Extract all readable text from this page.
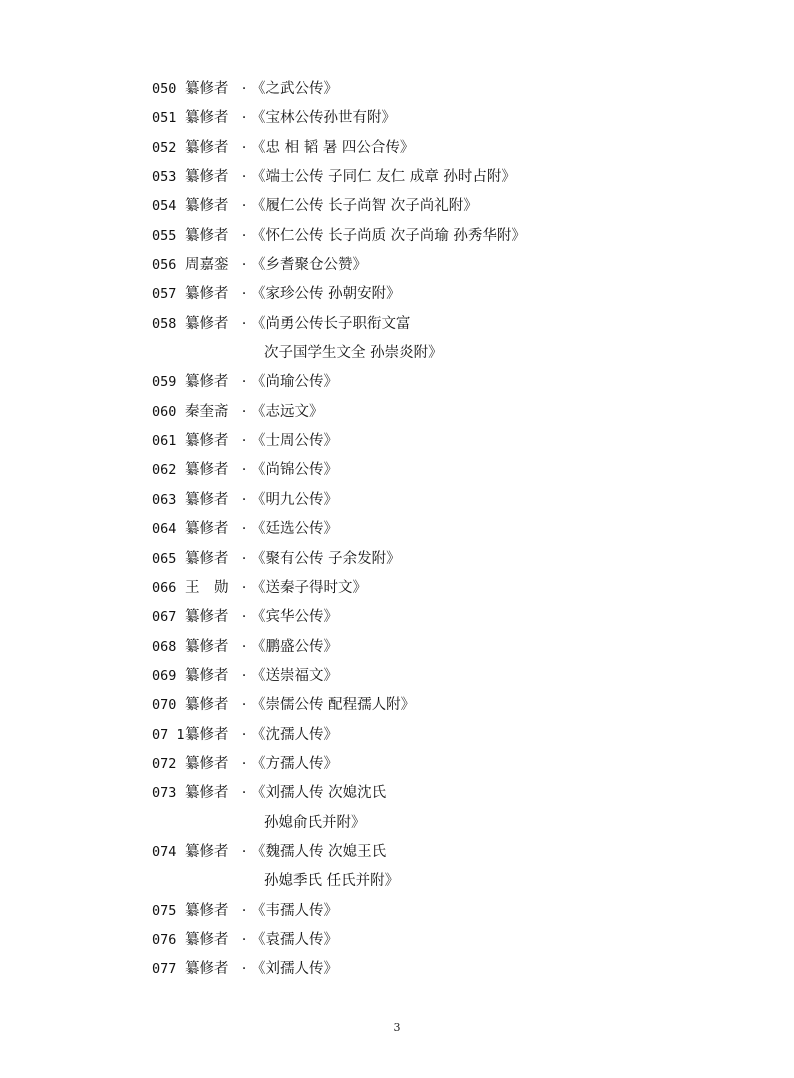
050 纂修者 · 《之武公传》
051 纂修者 · 《宝林公传孙世有附》
052 纂修者 · 《忠 相 韬 暑 四公合传》
053 纂修者 · 《端士公传 子同仁 友仁 成章 孙时占附》
054 纂修者 · 《履仁公传 长子尚智 次子尚礼附》
055 纂修者 · 《怀仁公传 长子尚质 次子尚瑜 孙秀华附》
056 周嘉銮 · 《乡耆聚仓公赞》
057 纂修者 · 《家珍公传 孙朝安附》
058 纂修者 · 《尚勇公传长子职衔文富
次子国学生文全 孙崇炎附》
059 纂修者 · 《尚瑜公传》
060 秦奎斋 · 《志远文》
061 纂修者 · 《士周公传》
062 纂修者 · 《尚锦公传》
063 纂修者 · 《明九公传》
064 纂修者 · 《廷选公传》
065 纂修者 · 《聚有公传 子余发附》
066 王　勋 · 《送秦子得时文》
067 纂修者 · 《宾华公传》
068 纂修者 · 《鹏盛公传》
069 纂修者 · 《送崇福文》
070 纂修者 · 《崇儒公传 配程孺人附》
07 1纂修者 · 《沈孺人传》
072 纂修者 · 《方孺人传》
073 纂修者 · 《刘孺人传 次媳沈氏
孙媳俞氏并附》
074 纂修者 · 《魏孺人传 次媳王氏
孙媳季氏 任氏并附》
075 纂修者 · 《韦孺人传》
076 纂修者 · 《袁孺人传》
077 纂修者 · 《刘孺人传》
3
